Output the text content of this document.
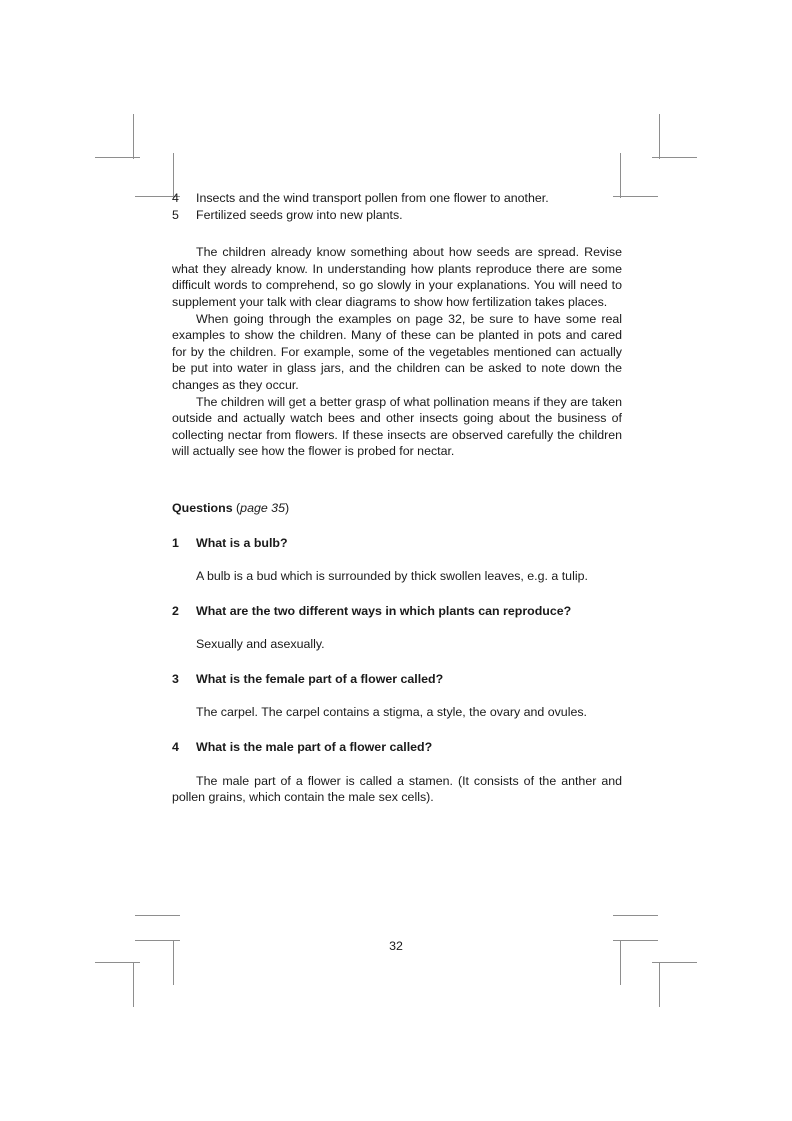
4	Insects and the wind transport pollen from one flower to another.
5	Fertilized seeds grow into new plants.

The children already know something about how seeds are spread. Revise what they already know. In understanding how plants reproduce there are some difficult words to comprehend, so go slowly in your explanations. You will need to supplement your talk with clear diagrams to show how fertilization takes places.

When going through the examples on page 32, be sure to have some real examples to show the children. Many of these can be planted in pots and cared for by the children. For example, some of the vegetables mentioned can actually be put into water in glass jars, and the children can be asked to note down the changes as they occur.

The children will get a better grasp of what pollination means if they are taken outside and actually watch bees and other insects going about the business of collecting nectar from flowers. If these insects are observed carefully the children will actually see how the flower is probed for nectar.

Questions (page 35)
1	What is a bulb?

A bulb is a bud which is surrounded by thick swollen leaves, e.g. a tulip.

2	What are the two different ways in which plants can reproduce?

Sexually and asexually.

3	What is the female part of a flower called?

The carpel. The carpel contains a stigma, a style, the ovary and ovules.

4	What is the male part of a flower called?

The male part of a flower is called a stamen. (It consists of the anther and pollen grains, which contain the male sex cells).

32
